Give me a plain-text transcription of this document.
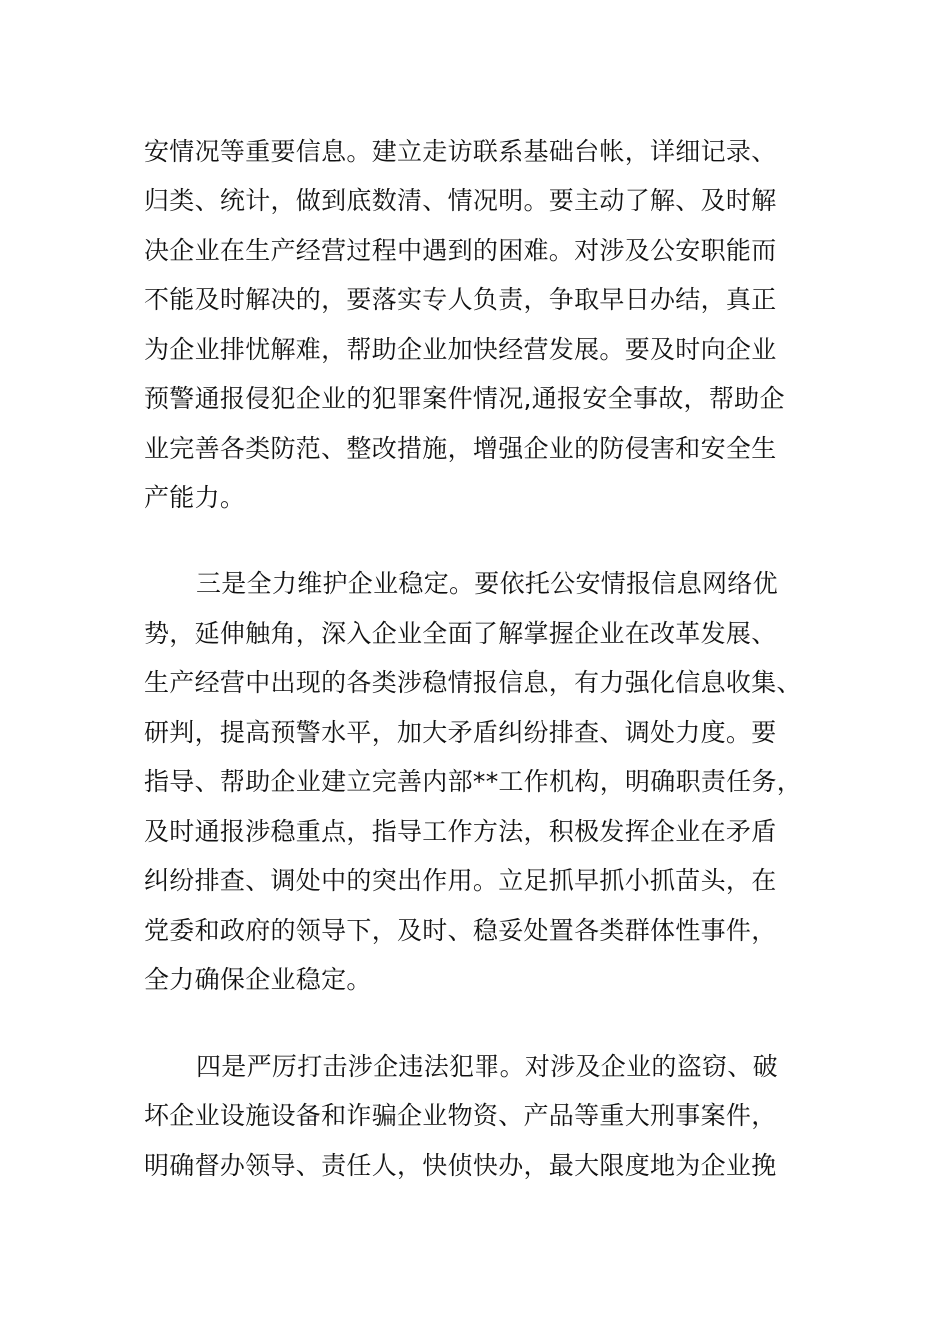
安情况等重要信息。建立走访联系基础台帐，详细记录、
归类、统计，做到底数清、情况明。要主动了解、及时解
决企业在生产经营过程中遇到的困难。对涉及公安职能而
不能及时解决的，要落实专人负责，争取早日办结，真正
为企业排忧解难，帮助企业加快经营发展。要及时向企业
预警通报侵犯企业的犯罪案件情况,通报安全事故，帮助企
业完善各类防范、整改措施，增强企业的防侵害和安全生
产能力。
三是全力维护企业稳定。要依托公安情报信息网络优
势，延伸触角，深入企业全面了解掌握企业在改革发展、
生产经营中出现的各类涉稳情报信息，有力强化信息收集、
研判，提高预警水平，加大矛盾纠纷排查、调处力度。要
指导、帮助企业建立完善内部**工作机构，明确职责任务，
及时通报涉稳重点，指导工作方法，积极发挥企业在矛盾
纠纷排查、调处中的突出作用。立足抓早抓小抓苗头，在
党委和政府的领导下，及时、稳妥处置各类群体性事件，
全力确保企业稳定。
四是严厉打击涉企违法犯罪。对涉及企业的盗窃、破
坏企业设施设备和诈骗企业物资、产品等重大刑事案件，
明确督办领导、责任人，快侦快办，最大限度地为企业挽
